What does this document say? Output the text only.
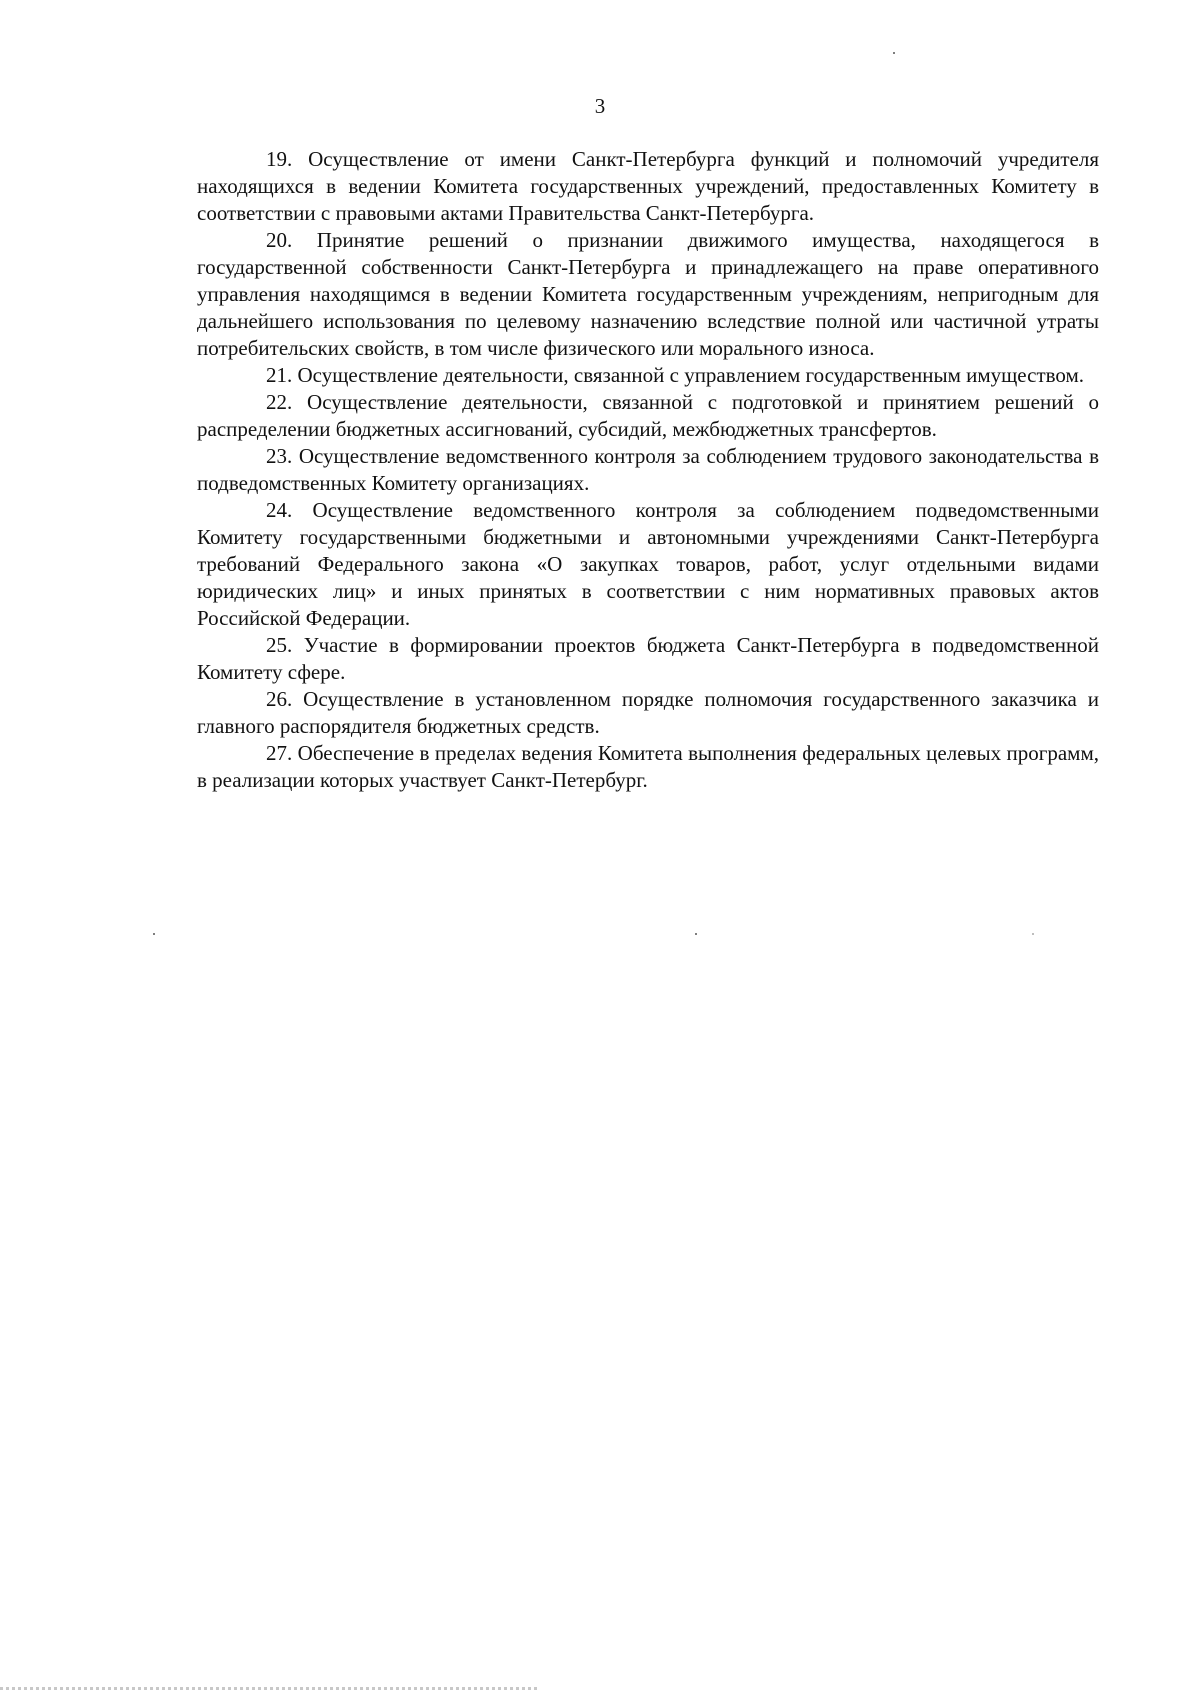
3

19. Осуществление от имени Санкт-Петербурга функций и полномочий учредителя находящихся в ведении Комитета государственных учреждений, предоставленных Комитету в соответствии с правовыми актами Правительства Санкт-Петербурга.

20. Принятие решений о признании движимого имущества, находящегося в государственной собственности Санкт-Петербурга и принадлежащего на праве оперативного управления находящимся в ведении Комитета государственным учреждениям, непригодным для дальнейшего использования по целевому назначению вследствие полной или частичной утраты потребительских свойств, в том числе физического или морального износа.

21. Осуществление деятельности, связанной с управлением государственным имуществом.

22. Осуществление деятельности, связанной с подготовкой и принятием решений о распределении бюджетных ассигнований, субсидий, межбюджетных трансфертов.

23. Осуществление ведомственного контроля за соблюдением трудового законодательства в подведомственных Комитету организациях.

24. Осуществление ведомственного контроля за соблюдением подведомственными Комитету государственными бюджетными и автономными учреждениями Санкт-Петербурга требований Федерального закона «О закупках товаров, работ, услуг отдельными видами юридических лиц» и иных принятых в соответствии с ним нормативных правовых актов Российской Федерации.

25. Участие в формировании проектов бюджета Санкт-Петербурга в подведомственной Комитету сфере.

26. Осуществление в установленном порядке полномочия государственного заказчика и главного распорядителя бюджетных средств.

27. Обеспечение в пределах ведения Комитета выполнения федеральных целевых программ, в реализации которых участвует Санкт-Петербург.
